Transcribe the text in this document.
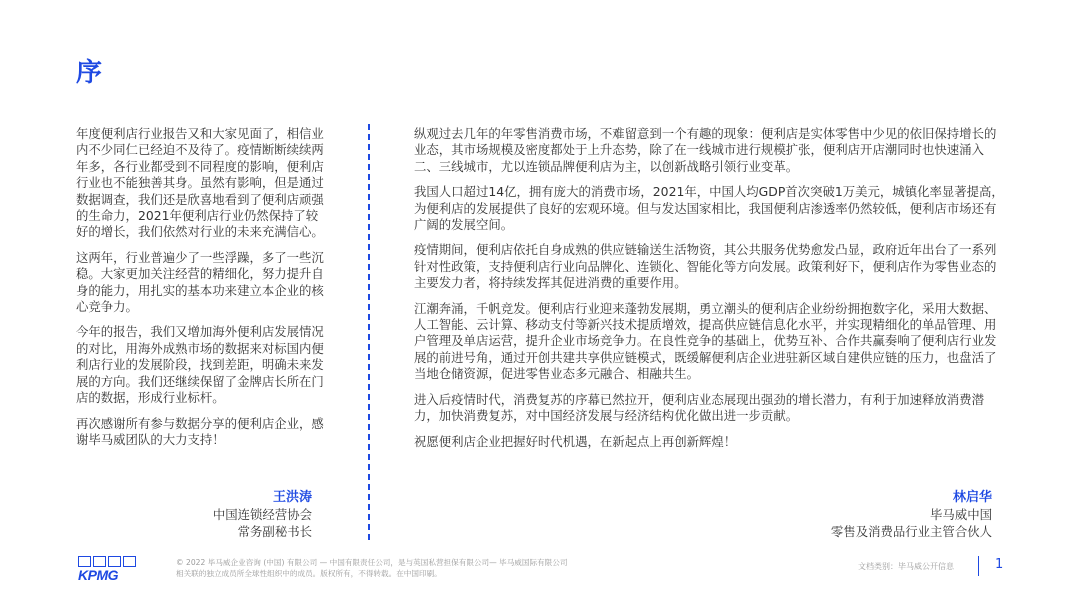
序

年度便利店行业报告又和大家见面了，相信业内不少同仁已经迫不及待了。疫情断断续续两年多，各行业都受到不同程度的影响，便利店行业也不能独善其身。虽然有影响，但是通过数据调查，我们还是欣喜地看到了便利店顽强的生命力，2021年便利店行业仍然保持了较好的增长，我们依然对行业的未来充满信心。

这两年，行业普遍少了一些浮躁，多了一些沉稳。大家更加关注经营的精细化，努力提升自身的能力，用扎实的基本功来建立本企业的核心竞争力。

今年的报告，我们又增加海外便利店发展情况的对比，用海外成熟市场的数据来对标国内便利店行业的发展阶段，找到差距，明确未来发展的方向。我们还继续保留了金牌店长所在门店的数据，形成行业标杆。

再次感谢所有参与数据分享的便利店企业，感谢毕马威团队的大力支持！

纵观过去几年的年零售消费市场，不难留意到一个有趣的现象：便利店是实体零售中少见的依旧保持增长的业态，其市场规模及密度都处于上升态势，除了在一线城市进行规模扩张，便利店开店潮同时也快速涌入二、三线城市，尤以连锁品牌便利店为主，以创新战略引领行业变革。

我国人口超过14亿，拥有庞大的消费市场，2021年，中国人均GDP首次突破1万美元，城镇化率显著提高，为便利店的发展提供了良好的宏观环境。但与发达国家相比，我国便利店渗透率仍然较低，便利店市场还有广阔的发展空间。

疫情期间，便利店依托自身成熟的供应链输送生活物资，其公共服务优势愈发凸显，政府近年出台了一系列针对性政策，支持便利店行业向品牌化、连锁化、智能化等方向发展。政策利好下，便利店作为零售业态的主要发力者，将持续发挥其促进消费的重要作用。

江潮奔涌，千帆竞发。便利店行业迎来蓬勃发展期，勇立潮头的便利店企业纷纷拥抱数字化，采用大数据、人工智能、云计算、移动支付等新兴技术提质增效，提高供应链信息化水平，并实现精细化的单品管理、用户管理及单店运营，提升企业市场竞争力。在良性竞争的基础上，优势互补、合作共赢奏响了便利店行业发展的前进号角，通过开创共建共享供应链模式，既缓解便利店企业进驻新区域自建供应链的压力，也盘活了当地仓储资源，促进零售业态多元融合、相融共生。

进入后疫情时代，消费复苏的序幕已然拉开，便利店业态展现出强劲的增长潜力，有利于加速释放消费潜力，加快消费复苏，对中国经济发展与经济结构优化做出进一步贡献。

祝愿便利店企业把握好时代机遇，在新起点上再创新辉煌！

王洪涛
中国连锁经营协会
常务副秘书长
林启华
毕马威中国
零售及消费品行业主管合伙人
KPMG
© 2022 毕马威企业咨询 (中国) 有限公司 — 中国有限责任公司，是与英国私营担保有限公司— 毕马威国际有限公司
相关联的独立成员所全球性组织中的成员。版权所有，不得转载。在中国印刷。
文档类别：毕马威公开信息	1
